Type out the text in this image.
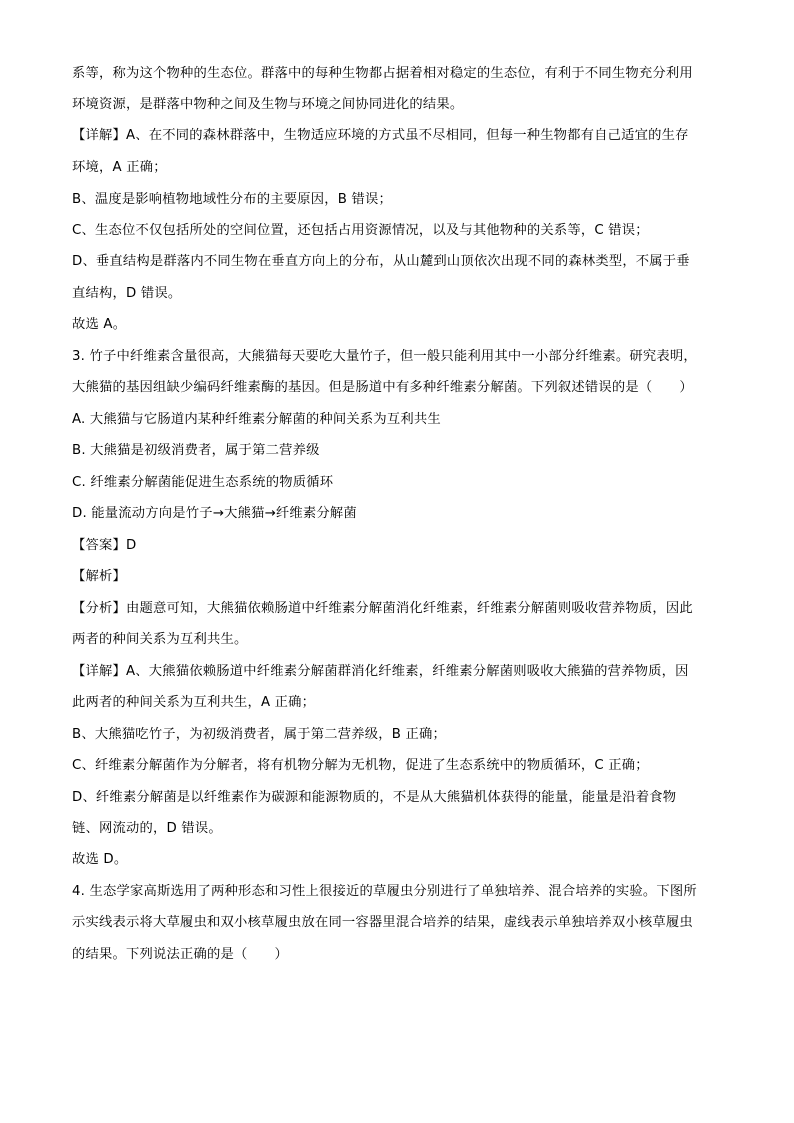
系等，称为这个物种的生态位。群落中的每种生物都占据着相对稳定的生态位，有利于不同生物充分利用
环境资源，是群落中物种之间及生物与环境之间协同进化的结果。
【详解】A、在不同的森林群落中，生物适应环境的方式虽不尽相同，但每一种生物都有自己适宜的生存
环境，A 正确；
B、温度是影响植物地域性分布的主要原因，B 错误；
C、生态位不仅包括所处的空间位置，还包括占用资源情况，以及与其他物种的关系等，C 错误；
D、垂直结构是群落内不同生物在垂直方向上的分布，从山麓到山顶依次出现不同的森林类型，不属于垂
直结构，D 错误。
故选 A。
3. 竹子中纤维素含量很高，大熊猫每天要吃大量竹子，但一般只能利用其中一小部分纤维素。研究表明，
大熊猫的基因组缺少编码纤维素酶的基因。但是肠道中有多种纤维素分解菌。下列叙述错误的是（　　）
A. 大熊猫与它肠道内某种纤维素分解菌的种间关系为互利共生
B. 大熊猫是初级消费者，属于第二营养级
C. 纤维素分解菌能促进生态系统的物质循环
D. 能量流动方向是竹子→大熊猫→纤维素分解菌
【答案】D
【解析】
【分析】由题意可知，大熊猫依赖肠道中纤维素分解菌消化纤维素，纤维素分解菌则吸收营养物质，因此
两者的种间关系为互利共生。
【详解】A、大熊猫依赖肠道中纤维素分解菌群消化纤维素，纤维素分解菌则吸收大熊猫的营养物质，因
此两者的种间关系为互利共生，A 正确；
B、大熊猫吃竹子，为初级消费者，属于第二营养级，B 正确；
C、纤维素分解菌作为分解者，将有机物分解为无机物，促进了生态系统中的物质循环，C 正确；
D、纤维素分解菌是以纤维素作为碳源和能源物质的，不是从大熊猫机体获得的能量，能量是沿着食物
链、网流动的，D 错误。
故选 D。
4. 生态学家高斯选用了两种形态和习性上很接近的草履虫分别进行了单独培养、混合培养的实验。下图所
示实线表示将大草履虫和双小核草履虫放在同一容器里混合培养的结果，虚线表示单独培养双小核草履虫
的结果。下列说法正确的是（　　）
